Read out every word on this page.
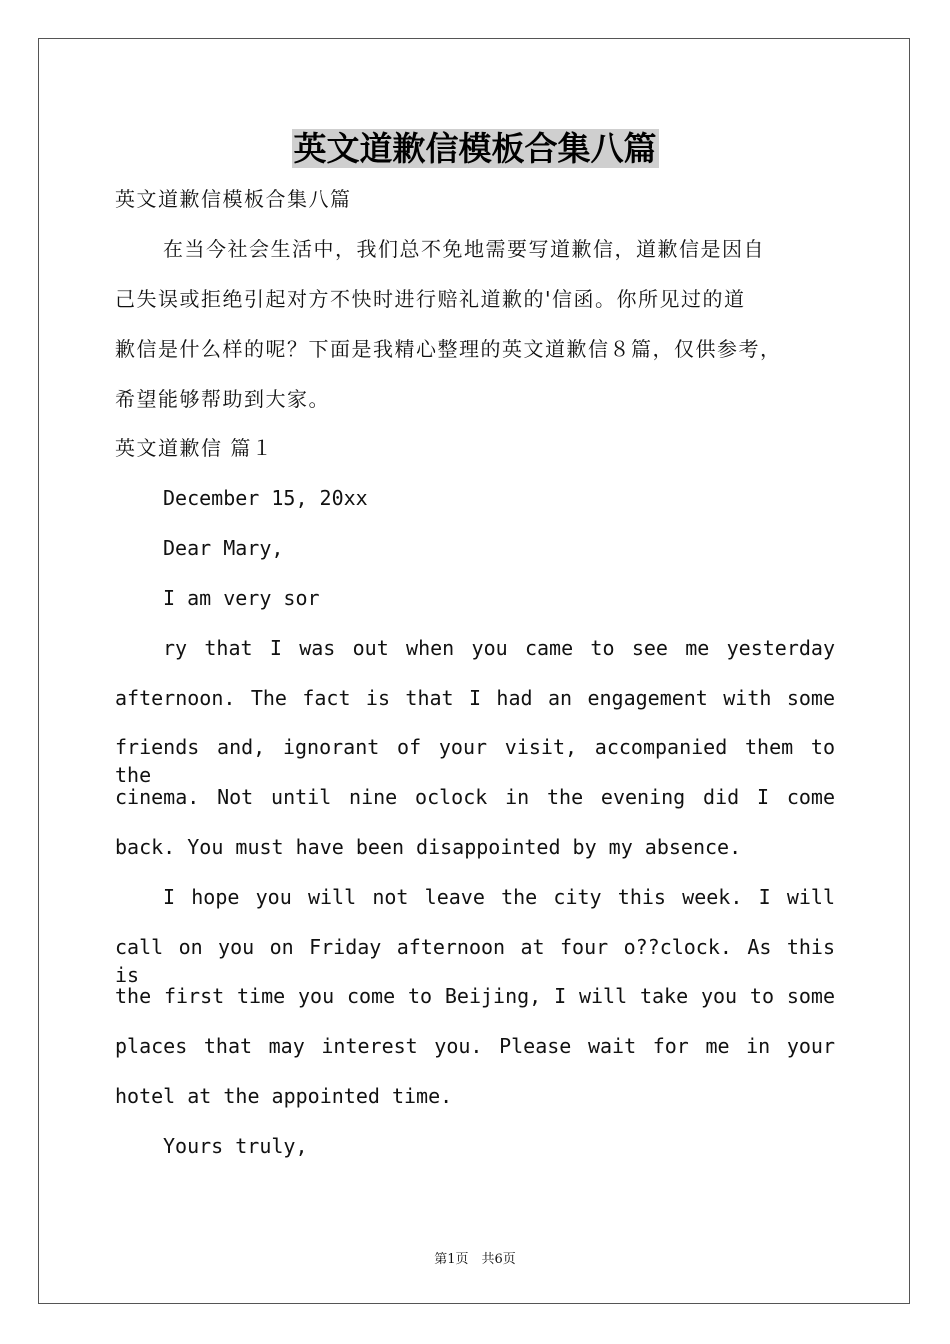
英文道歉信模板合集八篇
英文道歉信模板合集八篇
在当今社会生活中，我们总不免地需要写道歉信，道歉信是因自
己失误或拒绝引起对方不快时进行赔礼道歉的'信函。你所见过的道
歉信是什么样的呢？下面是我精心整理的英文道歉信８篇，仅供参考，
希望能够帮助到大家。
英文道歉信 篇１
December 15, 20xx
Dear Mary,
I am very sor
ry that I was out when you came to see me yesterday
afternoon. The fact is that I had an engagement with some
friends and, ignorant of your visit, accompanied them to the
cinema. Not until nine oclock in the evening did I come
back. You must have been disappointed by my absence.
I hope you will not leave the city this week. I will
call on you on Friday afternoon at four o??clock. As this is
the first time you come to Beijing, I will take you to some
places that may interest you. Please wait for me in your
hotel at the appointed time.
Yours truly,
第1页　共6页
